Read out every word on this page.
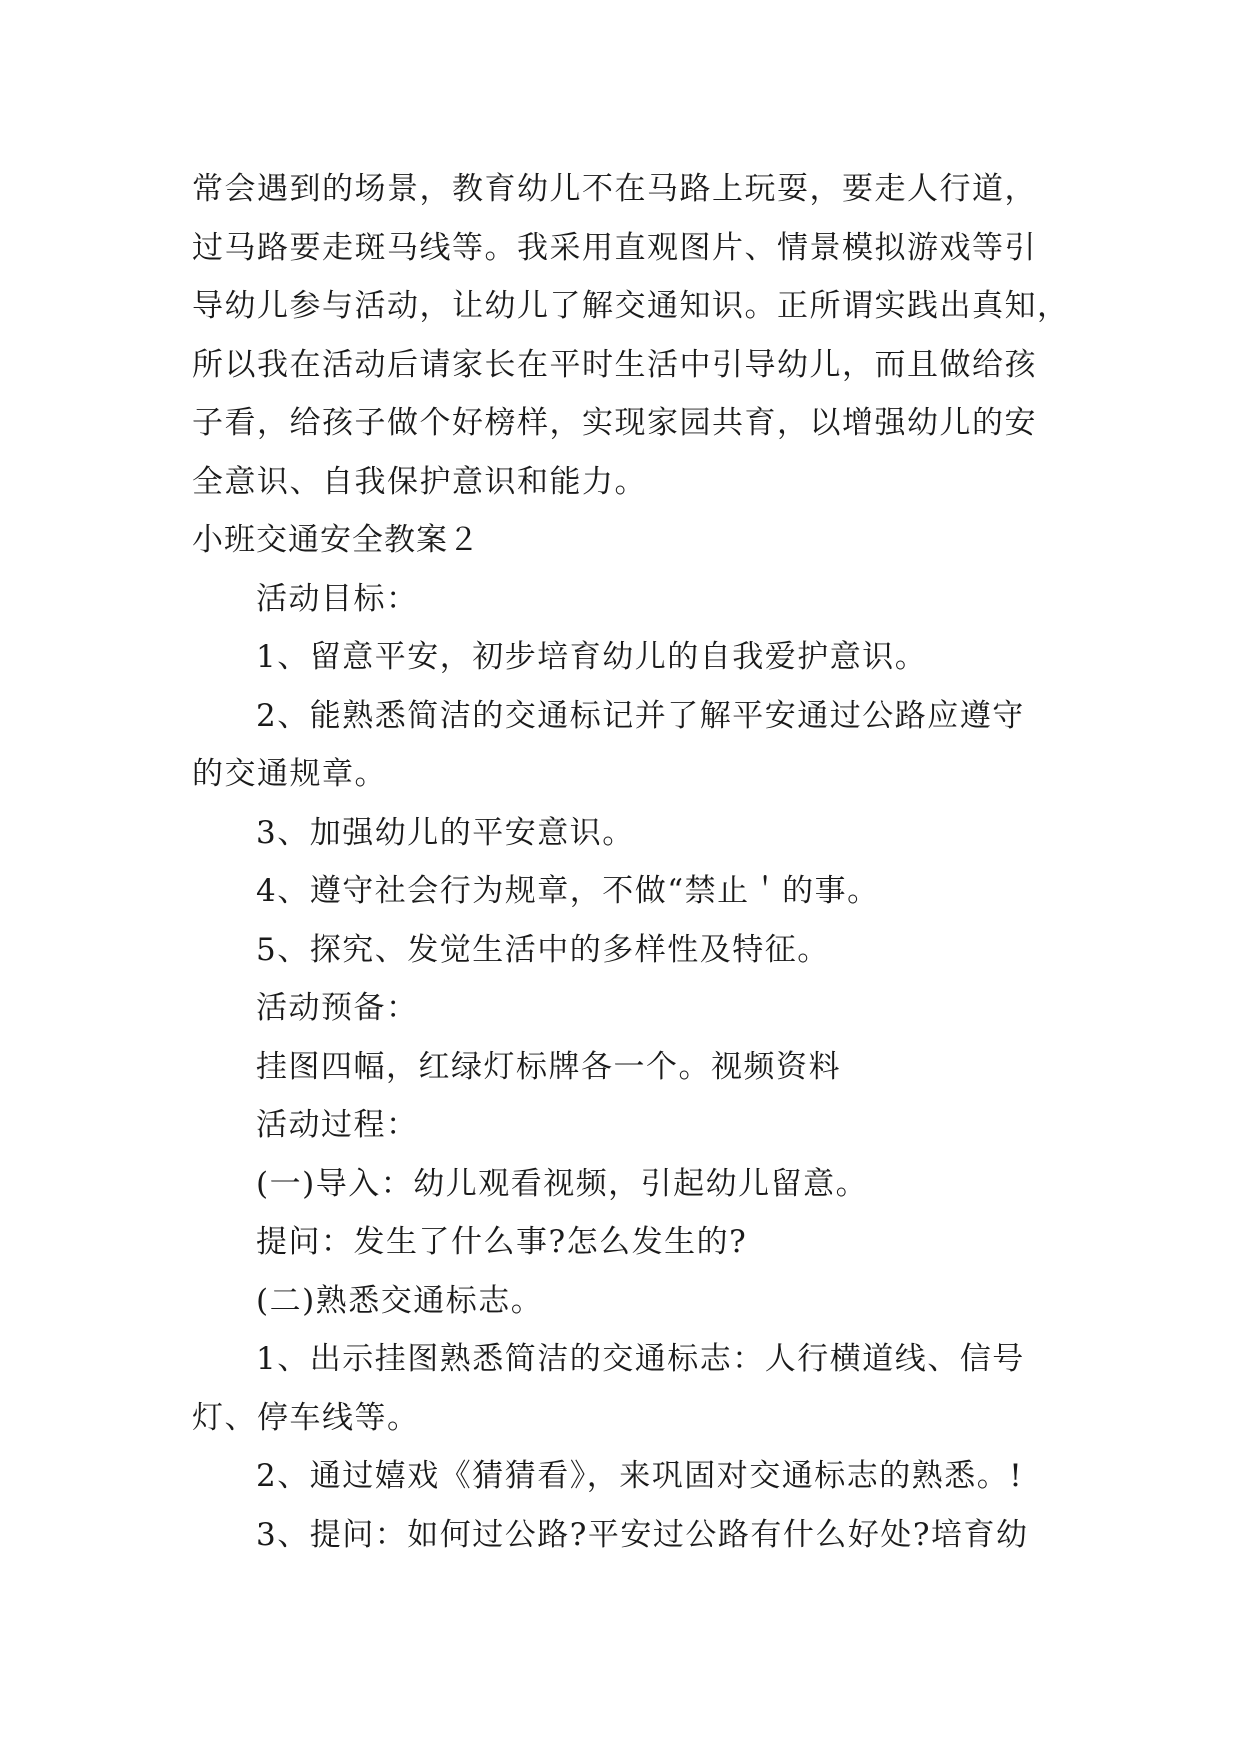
常会遇到的场景，教育幼儿不在马路上玩耍，要走人行道，

过马路要走斑马线等。我采用直观图片、情景模拟游戏等引

导幼儿参与活动，让幼儿了解交通知识。正所谓实践出真知，

所以我在活动后请家长在平时生活中引导幼儿，而且做给孩

子看，给孩子做个好榜样，实现家园共育，以增强幼儿的安

全意识、自我保护意识和能力。

小班交通安全教案２

活动目标：

1、留意平安，初步培育幼儿的自我爱护意识。

2、能熟悉简洁的交通标记并了解平安通过公路应遵守

的交通规章。

3、加强幼儿的平安意识。

4、遵守社会行为规章，不做“禁止＇的事。

5、探究、发觉生活中的多样性及特征。

活动预备：

挂图四幅，红绿灯标牌各一个。视频资料

活动过程：

(一)导入：幼儿观看视频，引起幼儿留意。

提问：发生了什么事?怎么发生的?

(二)熟悉交通标志。

1、出示挂图熟悉简洁的交通标志：人行横道线、信号

灯、停车线等。

2、通过嬉戏《猜猜看》，来巩固对交通标志的熟悉。!

3、提问：如何过公路?平安过公路有什么好处?培育幼
